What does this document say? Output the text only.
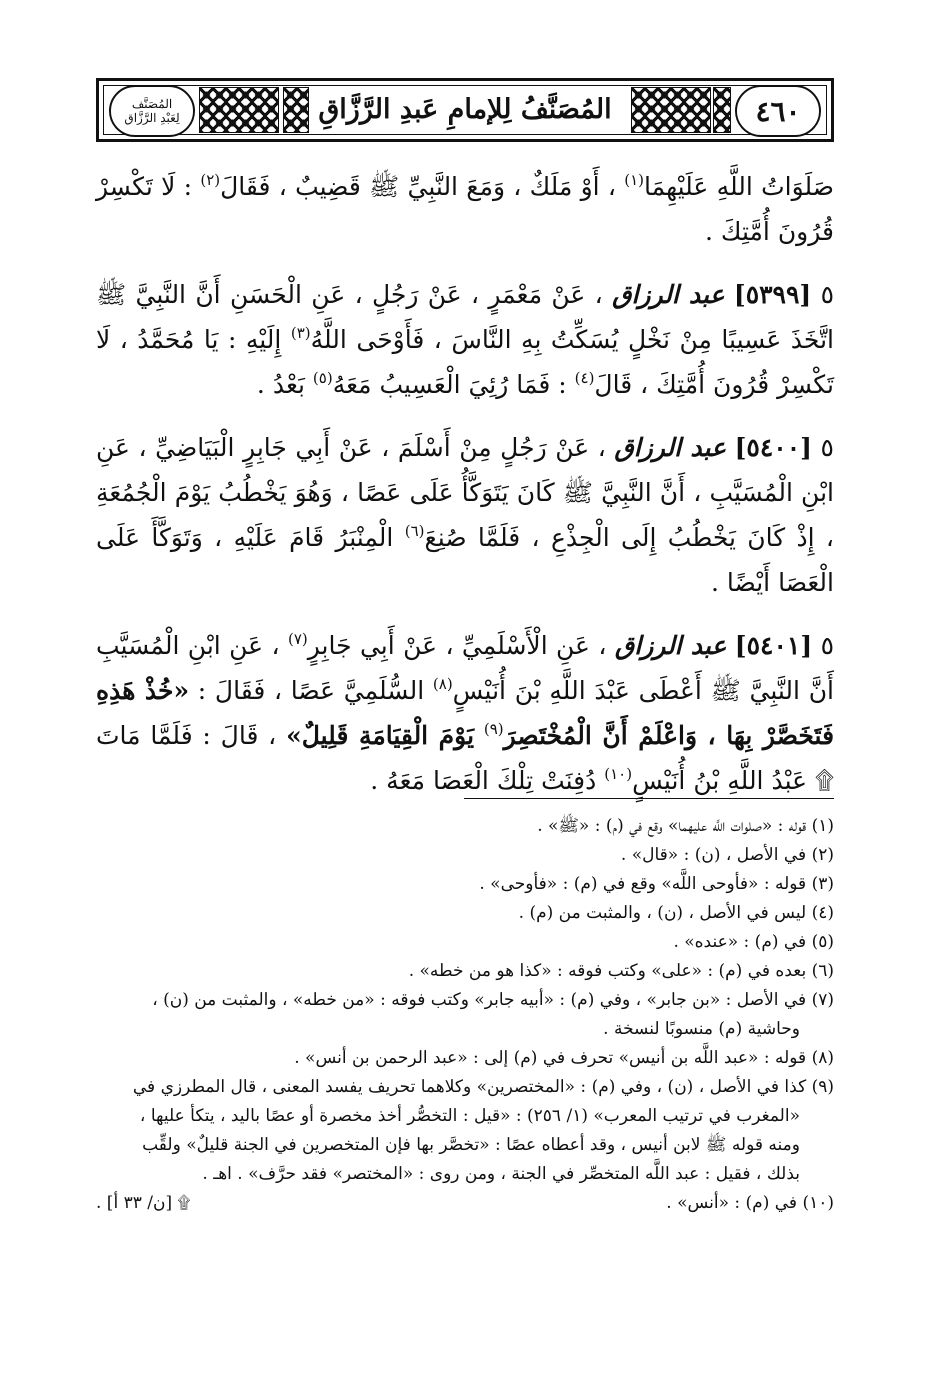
٤٦٠
المُصَنَّف
لِعَبْدِ الرَّزَّاق	المُصَنَّفُ لِلإمامِ عَبدِ الرَّزَّاقِ

صَلَوَاتُ اللَّهِ عَلَيْهِمَا$^{(١)}$ ، أَوْ مَلَكٌ ، وَمَعَ النَّبِيِّ ﷺ قَضِيبٌ ، فَقَالَ$^{(٢)}$ : لَا تَكْسِرْ قُرُونَ أُمَّتِكَ .

٥ [٥٣٩٩] عبد الرزاق ، عَنْ مَعْمَرٍ ، عَنْ رَجُلٍ ، عَنِ الْحَسَنِ أَنَّ النَّبِيَّ ﷺ اتَّخَذَ عَسِيبًا مِنْ نَخْلٍ يُسَكِّتُ بِهِ النَّاسَ ، فَأَوْحَى اللَّهُ$^{(٣)}$ إِلَيْهِ : يَا مُحَمَّدُ ، لَا تَكْسِرْ قُرُونَ أُمَّتِكَ ، قَالَ$^{(٤)}$ : فَمَا رُئِيَ الْعَسِيبُ مَعَهُ$^{(٥)}$ بَعْدُ .

٥ [٥٤٠٠] عبد الرزاق ، عَنْ رَجُلٍ مِنْ أَسْلَمَ ، عَنْ أَبِي جَابِرٍ الْبَيَاضِيِّ ، عَنِ ابْنِ الْمُسَيَّبِ ، أَنَّ النَّبِيَّ ﷺ كَانَ يَتَوَكَّأُ عَلَى عَصًا ، وَهُوَ يَخْطُبُ يَوْمَ الْجُمُعَةِ ، إِذْ كَانَ يَخْطُبُ إِلَى الْجِذْعِ ، فَلَمَّا صُنِعَ$^{(٦)}$ الْمِنْبَرُ قَامَ عَلَيْهِ ، وَتَوَكَّأَ عَلَى الْعَصَا أَيْضًا .

٥ [٥٤٠١] عبد الرزاق ، عَنِ الْأَسْلَمِيِّ ، عَنْ أَبِي جَابِرٍ$^{(٧)}$ ، عَنِ ابْنِ الْمُسَيَّبِ أَنَّ النَّبِيَّ ﷺ أَعْطَى عَبْدَ اللَّهِ بْنَ أُنَيْسٍ$^{(٨)}$ السُّلَمِيَّ عَصًا ، فَقَالَ : «خُذْ هَذِهِ فَتَخَصَّرْ بِهَا ، وَاعْلَمْ أَنَّ الْمُخْتَصِرَ$^{(٩)}$ يَوْمَ الْقِيَامَةِ قَلِيلٌ» ، قَالَ : فَلَمَّا مَاتَ ۩ عَبْدُ اللَّهِ بْنُ أُنَيْسٍ$^{(١٠)}$ دُفِنَتْ تِلْكَ الْعَصَا مَعَهُ .

(١) قوله : «صلوات اللَّه عليهما» وقع في (م) : «ﷺ» .

(٢) في الأصل ، (ن) : «قال» .

(٣) قوله : «فأوحى اللَّه» وقع في (م) : «فأوحى» .

(٤) ليس في الأصل ، (ن) ، والمثبت من (م) .

(٥) في (م) : «عنده» .

(٦) بعده في (م) : «على» وكتب فوقه : «كذا هو من خطه» .

(٧) في الأصل : «بن جابر» ، وفي (م) : «أبيه جابر» وكتب فوقه : «من خطه» ، والمثبت من (ن) ،

وحاشية (م) منسوبًا لنسخة .

(٨) قوله : «عبد اللَّه بن أنيس» تحرف في (م) إلى : «عبد الرحمن بن أنس» .

(٩) كذا في الأصل ، (ن) ، وفي (م) : «المختصرين» وكلاهما تحريف يفسد المعنى ، قال المطرزي في

«المغرب في ترتيب المعرب» (١/ ٢٥٦) : «قيل : التخصُّر أخذ مخصرة أو عصًا باليد ، يتكأ عليها ،

ومنه قوله ﷺ لابن أنيس ، وقد أعطاه عصًا : «تخصَّر بها فإن المتخصرين في الجنة قليلٌ» ولقِّب

بذلك ، فقيل : عبد اللَّه المتخصِّر في الجنة ، ومن روى : «المختصر» فقد حرَّف» . اهـ .

(١٠) في (م) : «أنس» .
۩ [ن/ ٣٣ أ] .
